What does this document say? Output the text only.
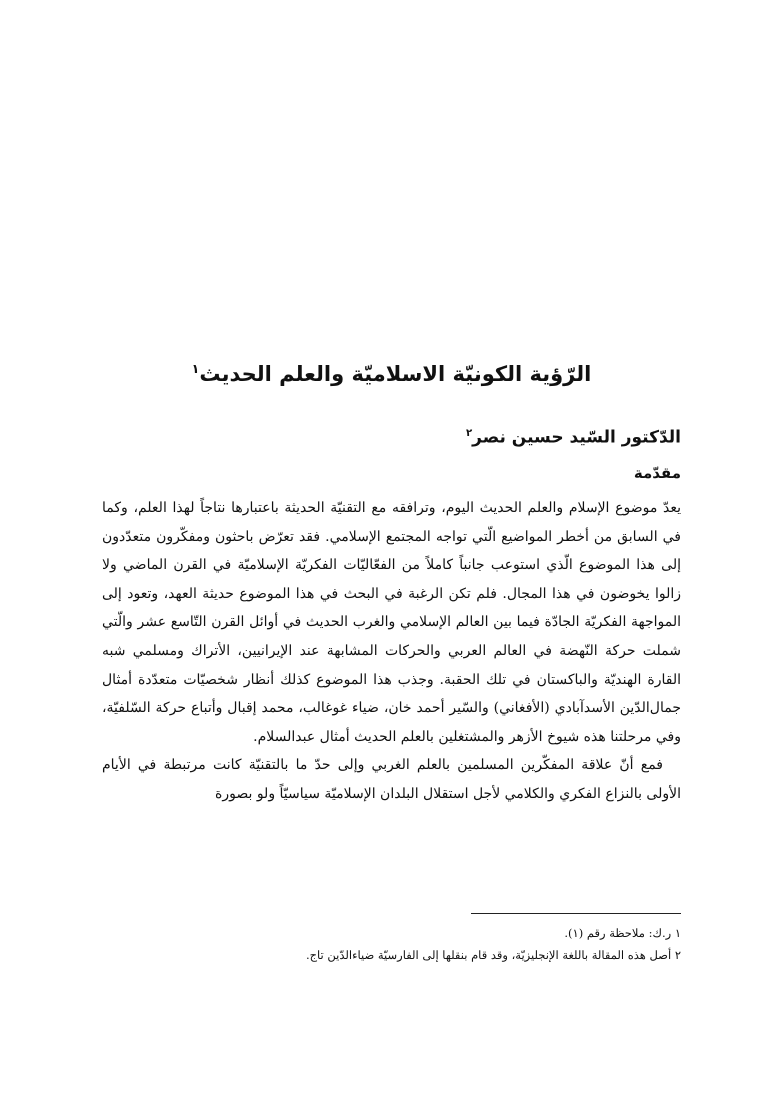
الرّؤية الكونيّة الاسلاميّة والعلم الحديث$^١$
الدّكتور السّيد حسين نصر$^٢$
مقدّمة

يعدّ موضوع الإسلام والعلم الحديث اليوم، وترافقه مع التقنيّة الحديثة باعتبارها نتاجاً لهذا العلم، وكما في السابق من أخطر المواضيع الّتي تواجه المجتمع الإسلامي. فقد تعرّض باحثون ومفكّرون متعدّدون إلى هذا الموضوع الّذي استوعب جانباً كاملاً من الفعّاليّات الفكريّة الإسلاميّة في القرن الماضي ولا زالوا يخوضون في هذا المجال. فلم تكن الرغبة في البحث في هذا الموضوع حديثة العهد، وتعود إلى المواجهة الفكريّة الجادّة فيما بين العالم الإسلامي والغرب الحديث في أوائل القرن التّاسع عشر والّتي شملت حركة النّهضة في العالم العربي والحركات المشابهة عند الإيرانيين، الأتراك ومسلمي شبه القارة الهنديّة والباكستان في تلك الحقبة. وجذب هذا الموضوع كذلك أنظار شخصيّات متعدّدة أمثال جمال‌الدّين الأسدآبادي (الأفغاني) والسّير أحمد خان، ضياء غوغالب، محمد إقبال وأتباع حركة السّلفيّة، وفي مرحلتنا هذه شيوخ الأزهر والمشتغلين بالعلم الحديث أمثال عبدالسلام.

فمع أنّ علاقة المفكّرين المسلمين بالعلم الغربي وإلى حدّ ما بالتقنيّة كانت مرتبطة في الأيام الأولى بالنزاع الفكري والكلامي لأجل استقلال البلدان الإسلاميّة سياسيّاً ولو بصورة

١ ر.ك: ملاحظة رقم (١).
٢ أصل هذه المقالة باللغة الإنجليزيّة، وقد قام بنقلها إلى الفارسيّة ضياءالدّين تاج.
